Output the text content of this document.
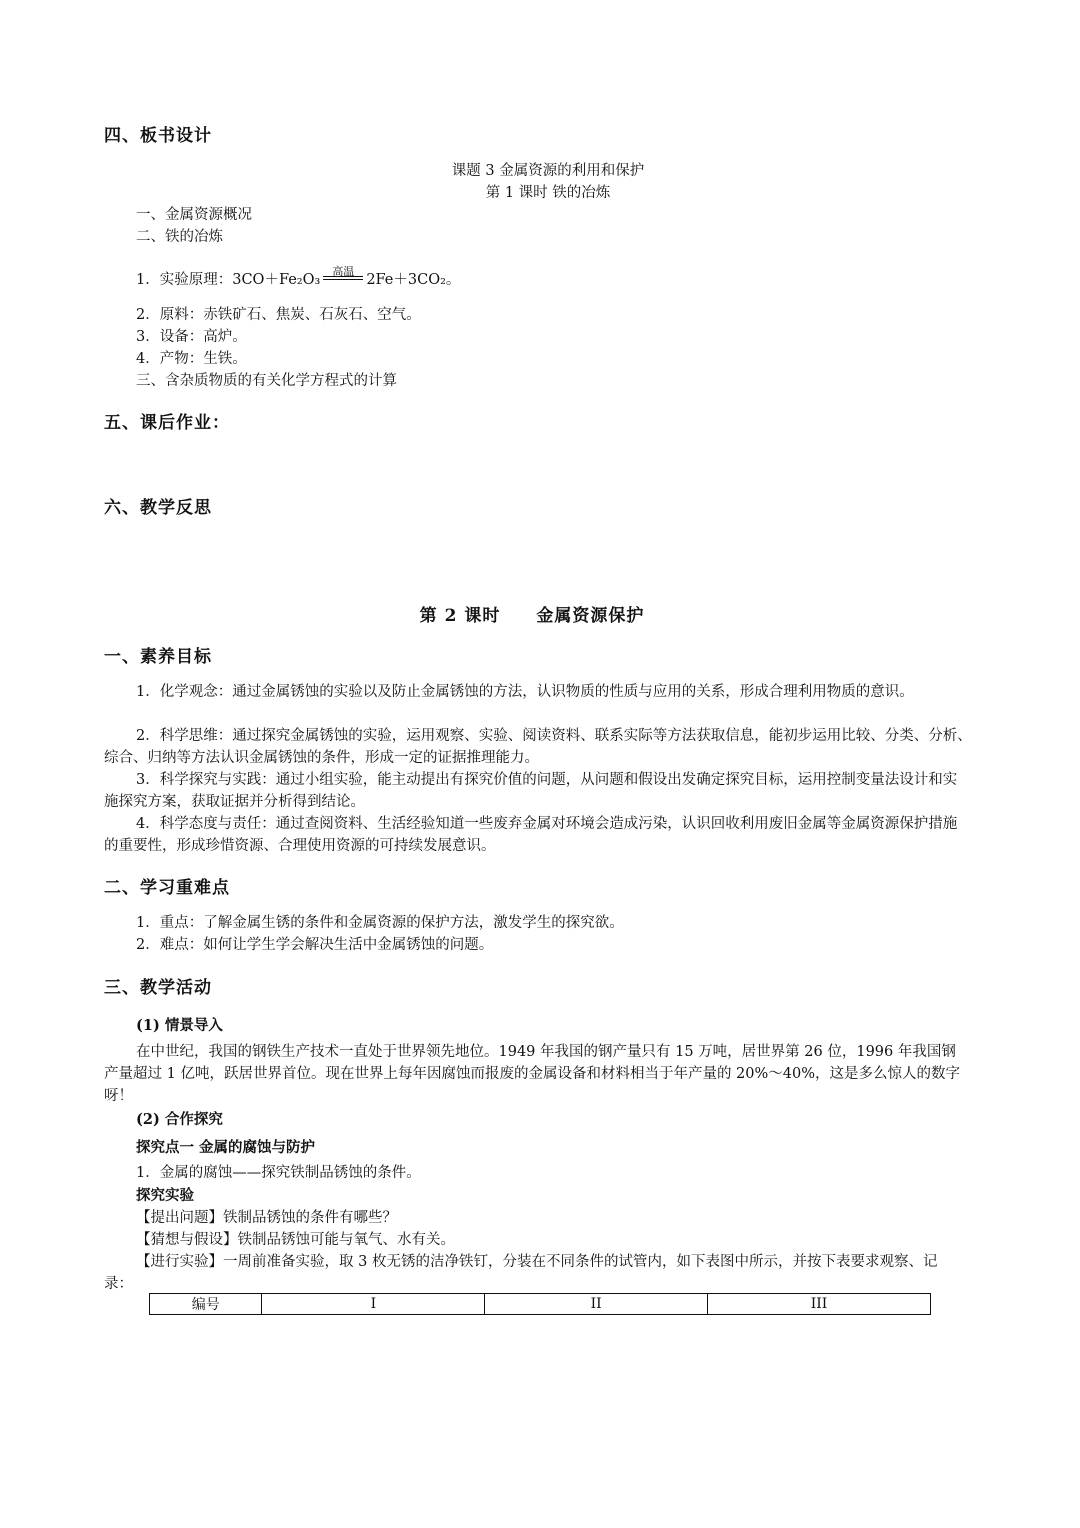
四、板书设计
课题 3 金属资源的利用和保护
第 1 课时 铁的冶炼
一、金属资源概况
二、铁的冶炼
1．实验原理：3CO＋Fe₂O₃
高温
2Fe＋3CO₂。
2．原料：赤铁矿石、焦炭、石灰石、空气。
3．设备：高炉。
4．产物：生铁。
三、含杂质物质的有关化学方程式的计算
五、课后作业：
六、教学反思
第 2 课时　　金属资源保护
一、素养目标
1．化学观念：通过金属锈蚀的实验以及防止金属锈蚀的方法，认识物质的性质与应用的关系，形成合理利用物质的意识。
2．科学思维：通过探究金属锈蚀的实验，运用观察、实验、阅读资料、联系实际等方法获取信息，能初步运用比较、分类、分析、综合、归纳等方法认识金属锈蚀的条件，形成一定的证据推理能力。
3．科学探究与实践：通过小组实验，能主动提出有探究价值的问题，从问题和假设出发确定探究目标，运用控制变量法设计和实施探究方案，获取证据并分析得到结论。
4．科学态度与责任：通过查阅资料、生活经验知道一些废弃金属对环境会造成污染，认识回收利用废旧金属等金属资源保护措施的重要性，形成珍惜资源、合理使用资源的可持续发展意识。
二、学习重难点
1．重点：了解金属生锈的条件和金属资源的保护方法，激发学生的探究欲。
2．难点：如何让学生学会解决生活中金属锈蚀的问题。
三、教学活动
(1) 情景导入
在中世纪，我国的钢铁生产技术一直处于世界领先地位。1949 年我国的钢产量只有 15 万吨，居世界第 26 位，1996 年我国钢产量超过 1 亿吨，跃居世界首位。现在世界上每年因腐蚀而报废的金属设备和材料相当于年产量的 20%～40%，这是多么惊人的数字呀！
(2) 合作探究
探究点一 金属的腐蚀与防护
1．金属的腐蚀——探究铁制品锈蚀的条件。
探究实验
【提出问题】铁制品锈蚀的条件有哪些？
【猜想与假设】铁制品锈蚀可能与氧气、水有关。
【进行实验】一周前准备实验，取 3 枚无锈的洁净铁钉，分装在不同条件的试管内，如下表图中所示，并按下表要求观察、记录：
编号	I	II	III
